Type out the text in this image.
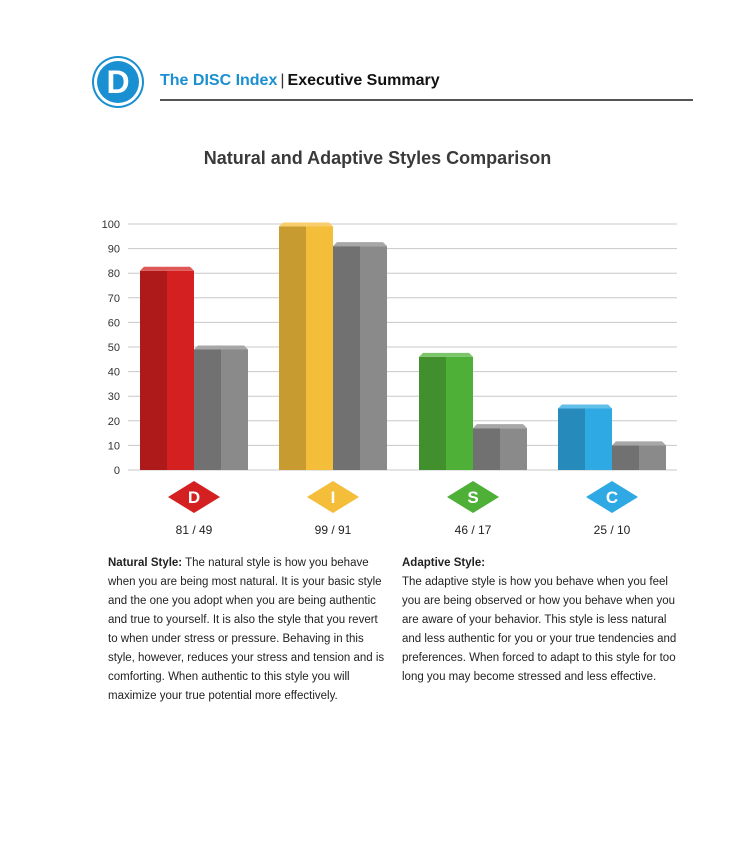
D	The DISC Index | Executive Summary
Natural and Adaptive Styles Comparison
0
10
20
30
40
50
60
70
80
90
100
D
81 / 49
I
99 / 91
S
46 / 17
C
25 / 10
Natural Style: The natural style is how you behave when you are being most natural. It is your basic style and the one you adopt when you are being authentic and true to yourself. It is also the style that you revert to when under stress or pressure. Behaving in this style, however, reduces your stress and tension and is comforting. When authentic to this style you will maximize your true potential more effectively.
Adaptive Style:
The adaptive style is how you behave when you feel you are being observed or how you behave when you are aware of your behavior. This style is less natural and less authentic for you or your true tendencies and preferences. When forced to adapt to this style for too long you may become stressed and less effective.
